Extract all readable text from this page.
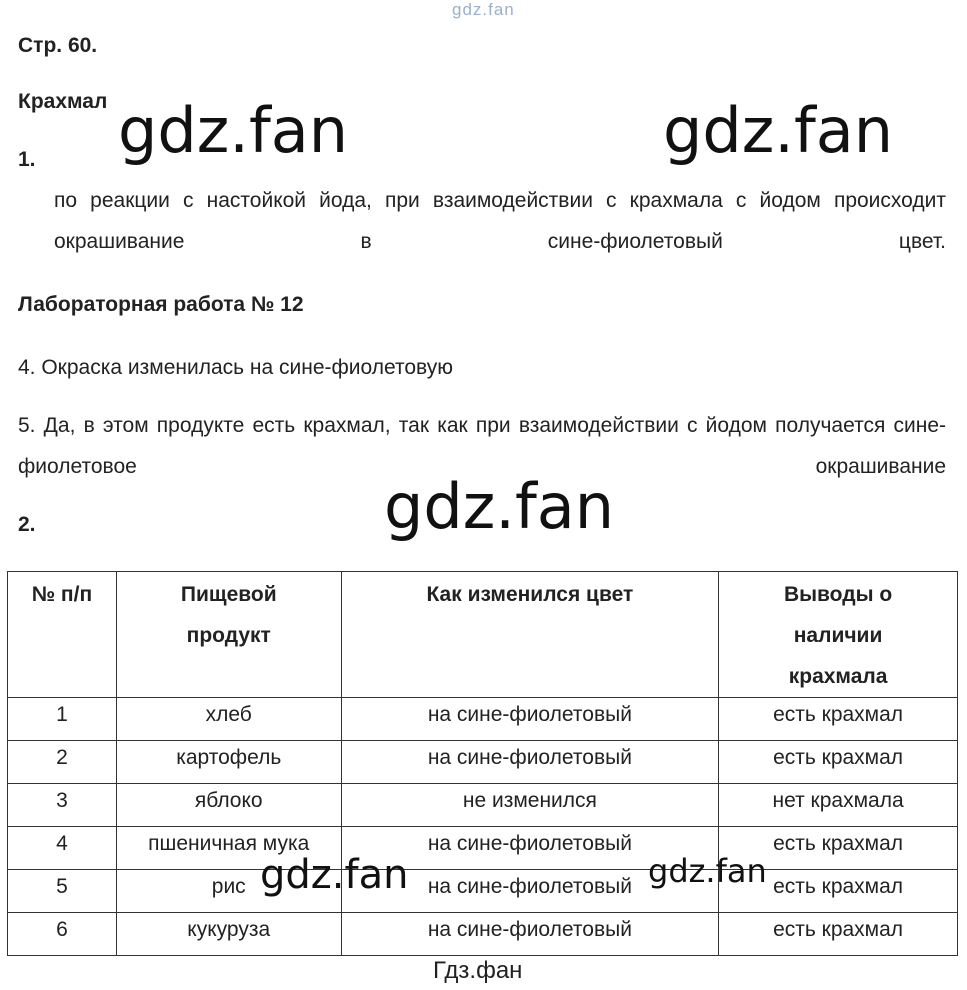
gdz.fan
Стр. 60.
Крахмал
1.
по реакции с настойкой йода, при взаимодействии с крахмала с йодом происходит окрашивание в сине-фиолетовый цвет.
Лабораторная работа № 12
4. Окраска изменилась на сине-фиолетовую
5. Да, в этом продукте есть крахмал, так как при взаимодействии с йодом получается сине-фиолетовое окрашивание
2.
№ п/п	Пищевой продукт	Как изменился цвет	Выводы о наличии крахмала

1	хлеб	на сине-фиолетовый	есть крахмал
2	картофель	на сине-фиолетовый	есть крахмал
3	яблоко	не изменился	нет крахмала
4	пшеничная мука	на сине-фиолетовый	есть крахмал
5	рис	на сине-фиолетовый	есть крахмал
6	кукуруза	на сине-фиолетовый	есть крахмал
gdz.fan	gdz.fan
gdz.fan
gdz.fan	gdz.fan
Гдз.фан
